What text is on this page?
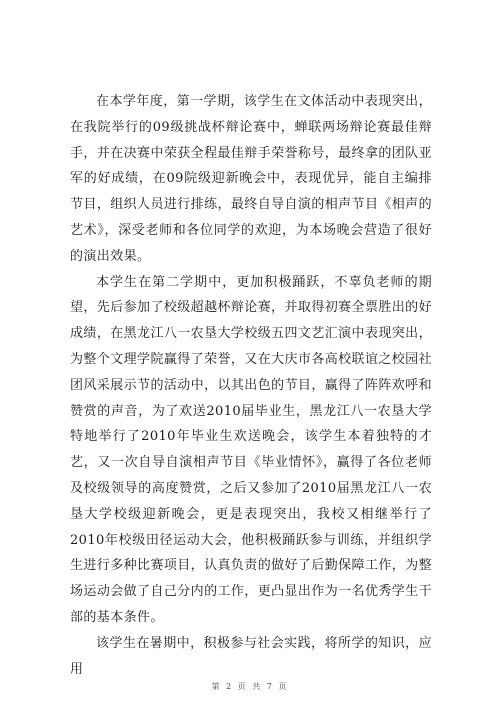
在本学年度，第一学期，该学生在文体活动中表现突出，在我院举行的09级挑战杯辩论赛中，蝉联两场辩论赛最佳辩手，并在决赛中荣获全程最佳辩手荣誉称号，最终拿的团队亚军的好成绩，在09院级迎新晚会中，表现优异，能自主编排节目，组织人员进行排练，最终自导自演的相声节目《相声的艺术》，深受老师和各位同学的欢迎，为本场晚会营造了很好的演出效果。

本学生在第二学期中，更加积极踊跃，不辜负老师的期望，先后参加了校级超越杯辩论赛，并取得初赛全票胜出的好成绩，在黑龙江八一农垦大学校级五四文艺汇演中表现突出，为整个文理学院赢得了荣誉，又在大庆市各高校联谊之校园社团风采展示节的活动中，以其出色的节目，赢得了阵阵欢呼和赞赏的声音，为了欢送2010届毕业生，黑龙江八一农垦大学特地举行了2010年毕业生欢送晚会，该学生本着独特的才艺，又一次自导自演相声节目《毕业情怀》，赢得了各位老师及校级领导的高度赞赏，之后又参加了2010届黑龙江八一农垦大学校级迎新晚会，更是表现突出，我校又相继举行了2010年校级田径运动大会，他积极踊跃参与训练，并组织学生进行多种比赛项目，认真负责的做好了后勤保障工作，为整场运动会做了自己分内的工作，更凸显出作为一名优秀学生干部的基本条件。

该学生在暑期中，积极参与社会实践，将所学的知识，应用

第 2 页 共 7 页
